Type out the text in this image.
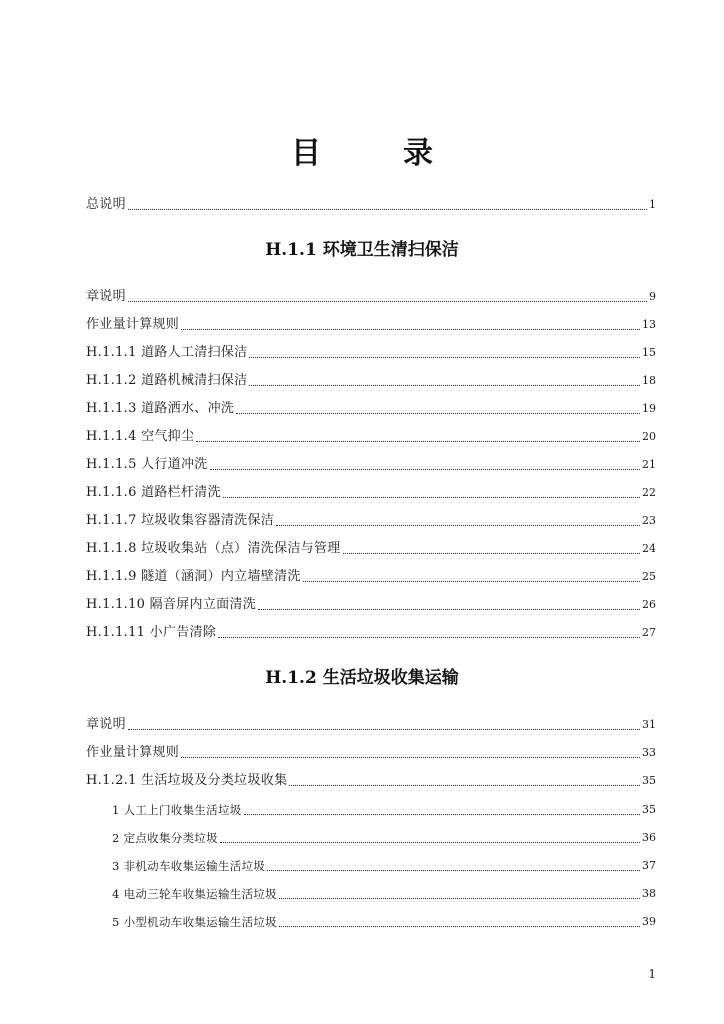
目　录
总说明	1
H.1.1 环境卫生清扫保洁
章说明	9
作业量计算规则	13
H.1.1.1 道路人工清扫保洁	15
H.1.1.2 道路机械清扫保洁	18
H.1.1.3 道路洒水、冲洗	19
H.1.1.4 空气抑尘	20
H.1.1.5 人行道冲洗	21
H.1.1.6 道路栏杆清洗	22
H.1.1.7 垃圾收集容器清洗保洁	23
H.1.1.8 垃圾收集站（点）清洗保洁与管理	24
H.1.1.9 隧道（涵洞）内立墙壁清洗	25
H.1.1.10 隔音屏内立面清洗	26
H.1.1.11 小广告清除	27
H.1.2 生活垃圾收集运输
章说明	31
作业量计算规则	33
H.1.2.1 生活垃圾及分类垃圾收集	35
1 人工上门收集生活垃圾	35
2 定点收集分类垃圾	36
3 非机动车收集运输生活垃圾	37
4 电动三轮车收集运输生活垃圾	38
5 小型机动车收集运输生活垃圾	39
1
